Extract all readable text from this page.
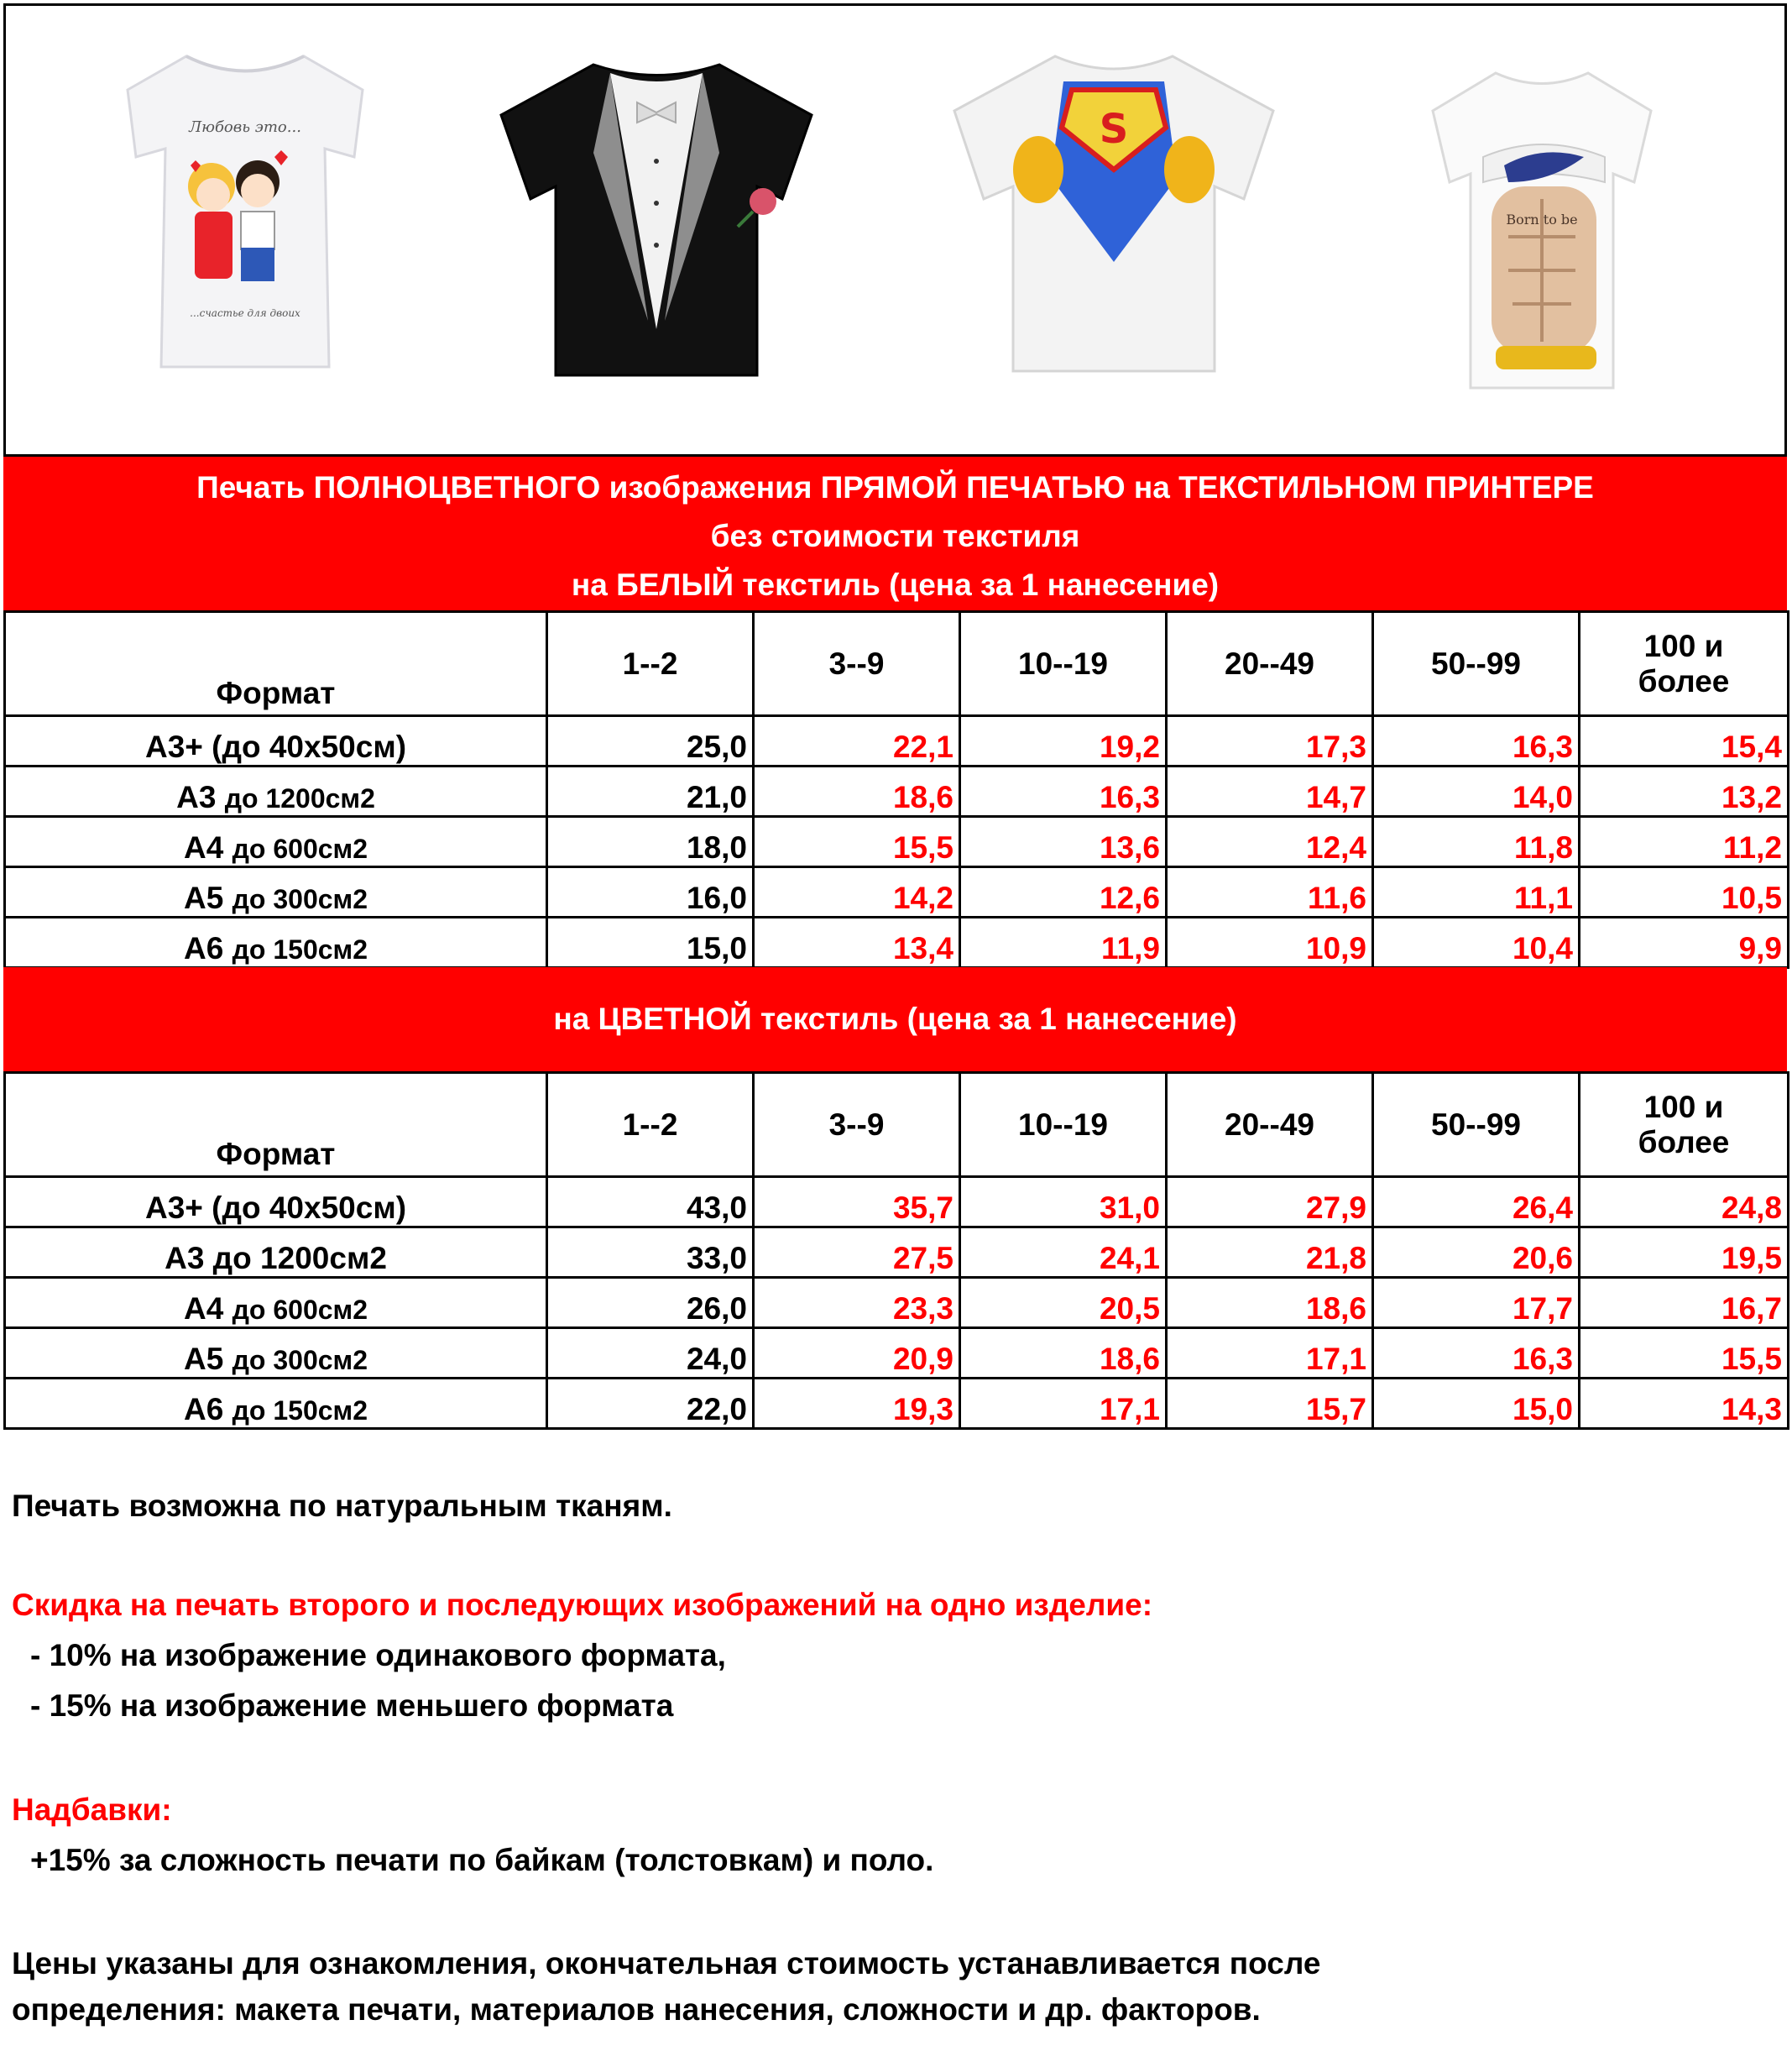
Любовь это...
...счастье для двоих
S
Born to be
Печать ПОЛНОЦВЕТНОГО изображения ПРЯМОЙ ПЕЧАТЬЮ на ТЕКСТИЛЬНОМ ПРИНТЕРЕ
без стоимости текстиля
на БЕЛЫЙ текстиль (цена за 1 нанесение)
Формат	1--2	3--9	10--19	20--49	50--99	100 и
более

А3+ (до 40х50см)	25,0	22,1	19,2	17,3	16,3	15,4
А3 до 1200см2	21,0	18,6	16,3	14,7	14,0	13,2
А4 до 600см2	18,0	15,5	13,6	12,4	11,8	11,2
А5 до 300см2	16,0	14,2	12,6	11,6	11,1	10,5
А6 до 150см2	15,0	13,4	11,9	10,9	10,4	9,9
на ЦВЕТНОЙ текстиль (цена за 1 нанесение)
Формат	1--2	3--9	10--19	20--49	50--99	100 и
более

А3+ (до 40х50см)	43,0	35,7	31,0	27,9	26,4	24,8
А3 до 1200см2	33,0	27,5	24,1	21,8	20,6	19,5
А4 до 600см2	26,0	23,3	20,5	18,6	17,7	16,7
А5 до 300см2	24,0	20,9	18,6	17,1	16,3	15,5
А6 до 150см2	22,0	19,3	17,1	15,7	15,0	14,3
Печать возможна по натуральным тканям.
Скидка на печать второго и последующих изображений на одно изделие:
- 10% на изображение одинакового формата,
- 15% на изображение меньшего формата
Надбавки:
+15% за сложность печати по байкам (толстовкам) и поло.
Цены указаны для ознакомления, окончательная стоимость устанавливается после
определения: макета печати, материалов нанесения, сложности и др. факторов.
